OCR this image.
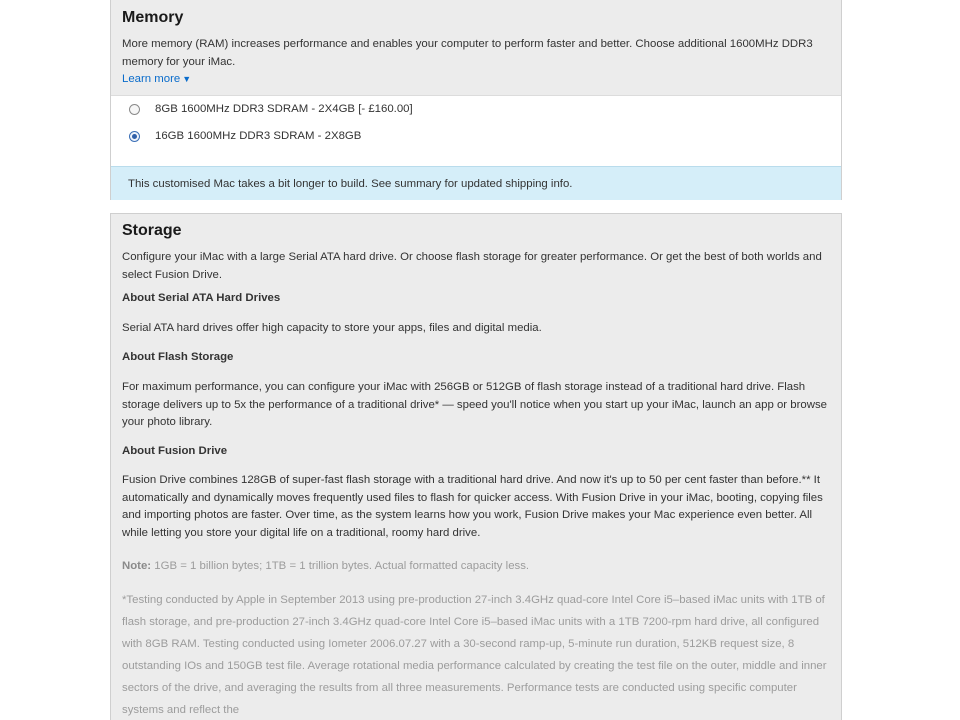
Memory

More memory (RAM) increases performance and enables your computer to perform faster and better. Choose additional 1600MHz DDR3 memory for your iMac.

Learn more ▼
8GB 1600MHz DDR3 SDRAM - 2X4GB [- £160.00]
16GB 1600MHz DDR3 SDRAM - 2X8GB
This customised Mac takes a bit longer to build. See summary for updated shipping info.
Storage

Configure your iMac with a large Serial ATA hard drive. Or choose flash storage for greater performance. Or get the best of both worlds and select Fusion Drive.

About Serial ATA Hard Drives

Serial ATA hard drives offer high capacity to store your apps, files and digital media.

About Flash Storage

For maximum performance, you can configure your iMac with 256GB or 512GB of flash storage instead of a traditional hard drive. Flash storage delivers up to 5x the performance of a traditional drive* — speed you'll notice when you start up your iMac, launch an app or browse your photo library.

About Fusion Drive

Fusion Drive combines 128GB of super-fast flash storage with a traditional hard drive. And now it's up to 50 per cent faster than before.** It automatically and dynamically moves frequently used files to flash for quicker access. With Fusion Drive in your iMac, booting, copying files and importing photos are faster. Over time, as the system learns how you work, Fusion Drive makes your Mac experience even better. All while letting you store your digital life on a traditional, roomy hard drive.

Note: 1GB = 1 billion bytes; 1TB = 1 trillion bytes. Actual formatted capacity less.

*Testing conducted by Apple in September 2013 using pre-production 27-inch 3.4GHz quad-core Intel Core i5–based iMac units with 1TB of flash storage, and pre-production 27-inch 3.4GHz quad-core Intel Core i5–based iMac units with a 1TB 7200-rpm hard drive, all configured with 8GB RAM. Testing conducted using Iometer 2006.07.27 with a 30-second ramp-up, 5-minute run duration, 512KB request size, 8 outstanding IOs and 150GB test file. Average rotational media performance calculated by creating the test file on the outer, middle and inner sectors of the drive, and averaging the results from all three measurements. Performance tests are conducted using specific computer systems and reflect the
